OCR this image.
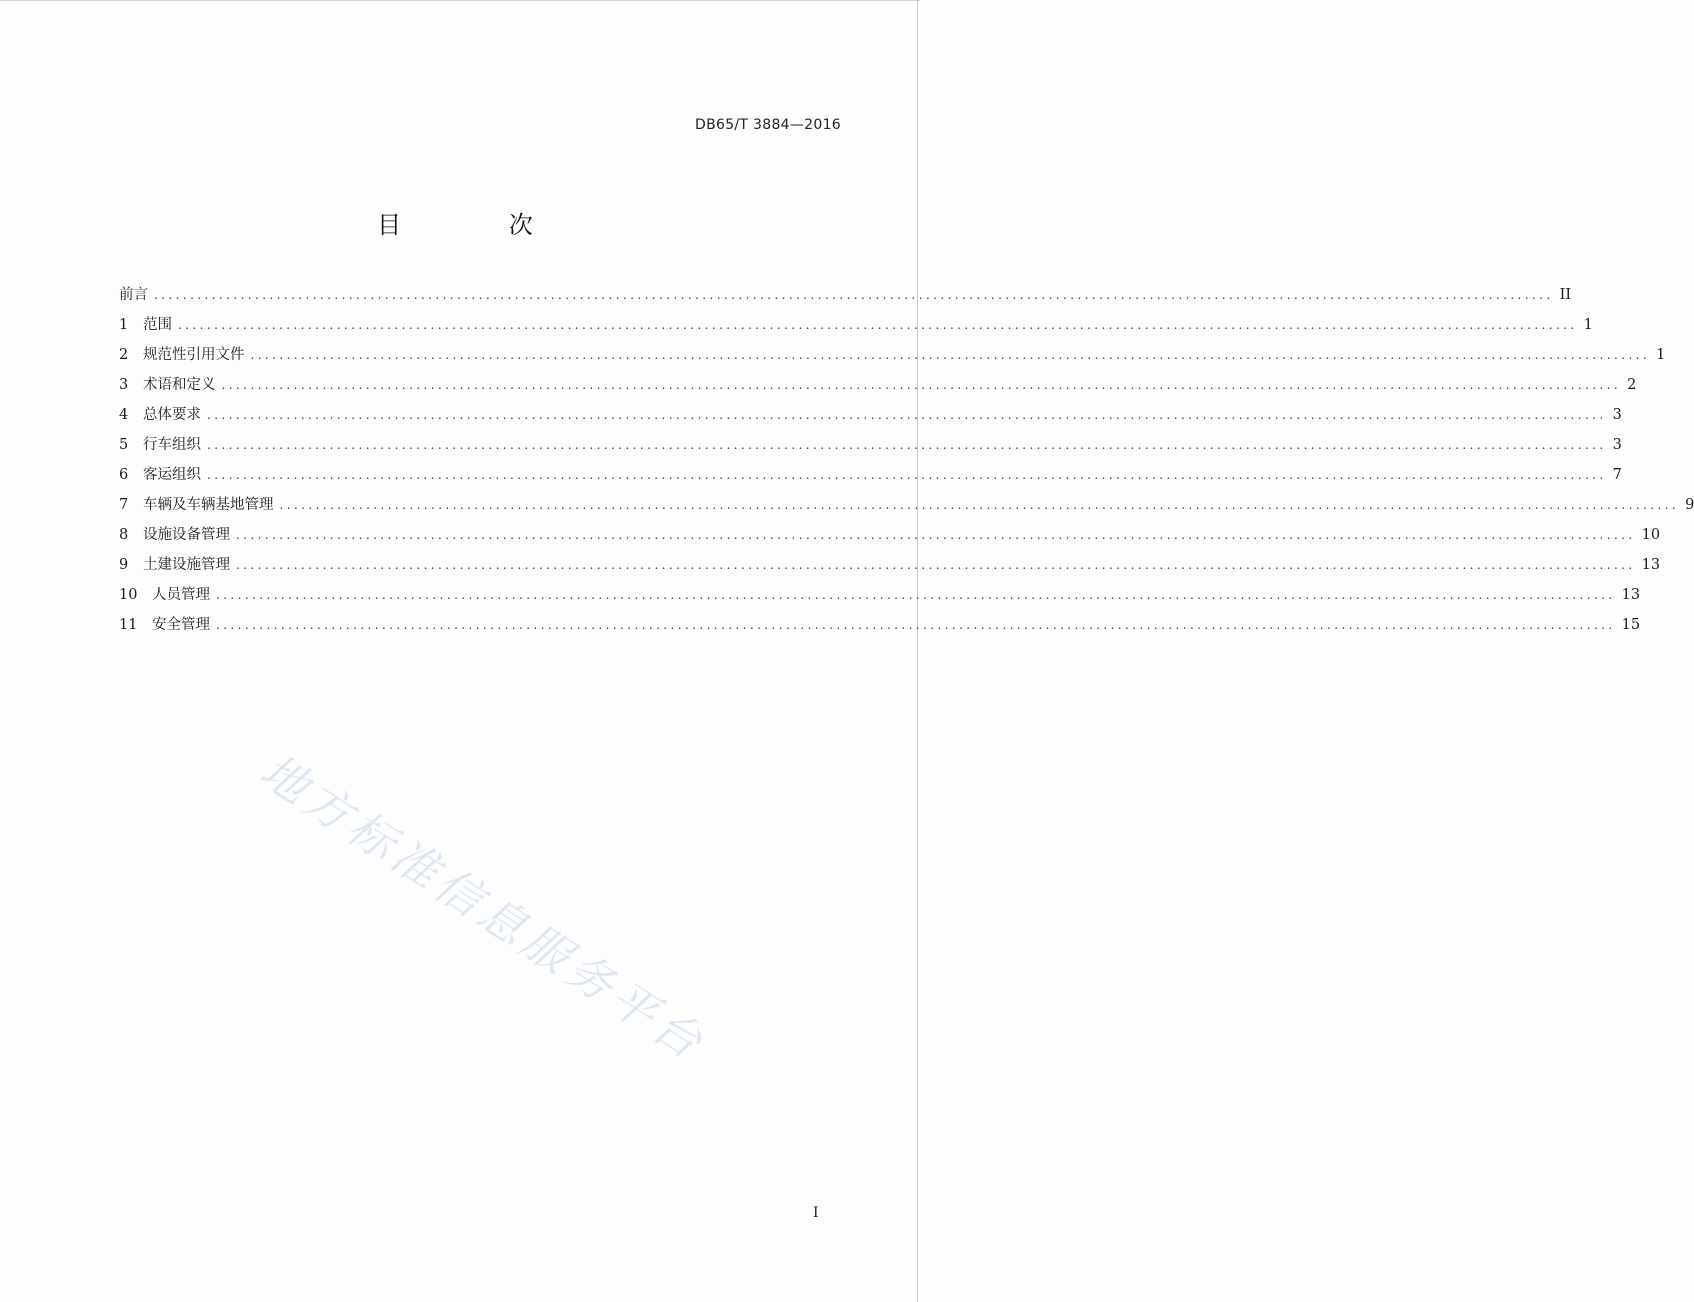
DB65/T 3884—2016
目 次
前言 .....	II
1	范围 .....	1
2	规范性引用文件 .....	1
3	术语和定义 .....	2
4	总体要求 .....	3
5	行车组织 .....	3
6	客运组织 .....	7
7	车辆及车辆基地管理 .....	9
8	设施设备管理 .....	10
9	土建设施管理 .....	13
10	人员管理 .....	13
11	安全管理 .....	15
地方标准信息服务平台
I
